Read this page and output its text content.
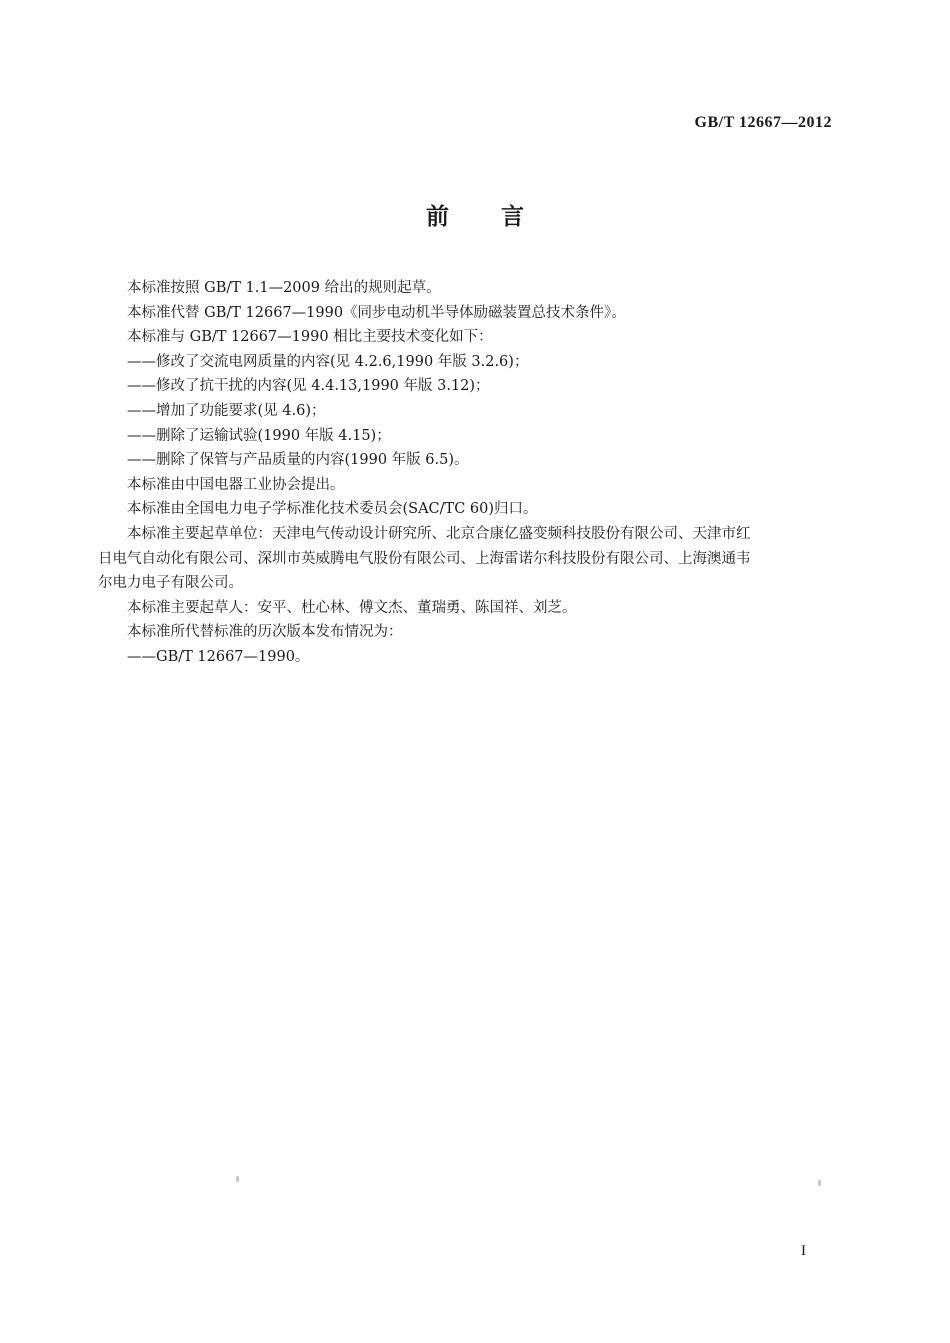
GB/T 12667—2012
前言

本标准按照 GB/T 1.1—2009 给出的规则起草。

本标准代替 GB/T 12667—1990《同步电动机半导体励磁装置总技术条件》。

本标准与 GB/T 12667—1990 相比主要技术变化如下：

——修改了交流电网质量的内容(见 4.2.6,1990 年版 3.2.6)；

——修改了抗干扰的内容(见 4.4.13,1990 年版 3.12)；

——增加了功能要求(见 4.6)；

——删除了运输试验(1990 年版 4.15)；

——删除了保管与产品质量的内容(1990 年版 6.5)。

本标准由中国电器工业协会提出。

本标准由全国电力电子学标准化技术委员会(SAC/TC 60)归口。

本标准主要起草单位：天津电气传动设计研究所、北京合康亿盛变频科技股份有限公司、天津市红

日电气自动化有限公司、深圳市英威腾电气股份有限公司、上海雷诺尔科技股份有限公司、上海澳通韦

尔电力电子有限公司。

本标准主要起草人：安平、杜心林、傅文杰、董瑞勇、陈国祥、刘芝。

本标准所代替标准的历次版本发布情况为：

——GB/T 12667—1990。

I
